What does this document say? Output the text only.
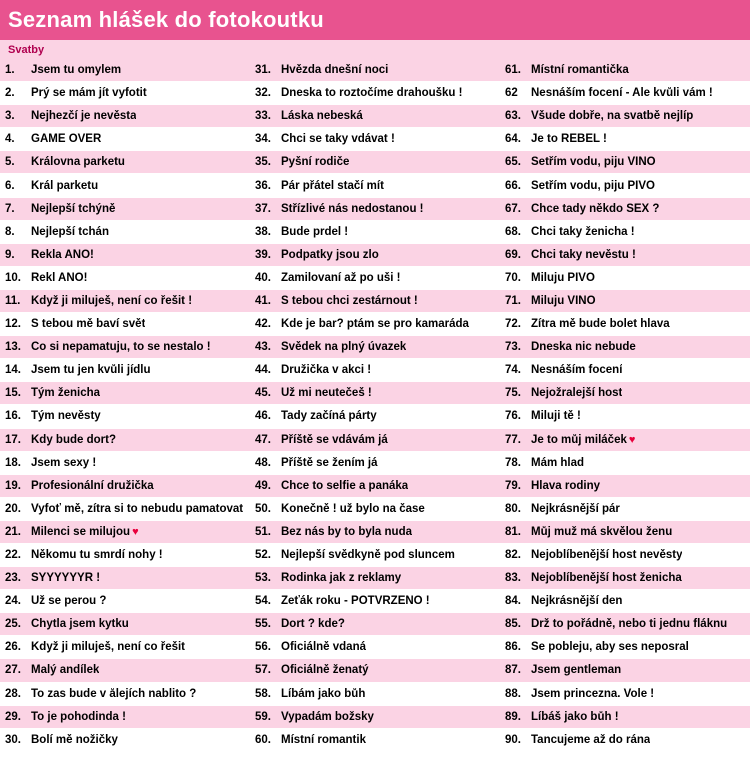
Seznam hlášek do fotokoutku
Svatby
1.	Jsem tu omylem
2.	Prý se mám jít vyfotit
3.	Nejhezčí je nevěsta
4.	GAME OVER
5.	Královna parketu
6.	Král parketu
7.	Nejlepší tchýně
8.	Nejlepší tchán
9.	Řekla ANO!
10. Řekl ANO!
11. Když ji miluješ, není co řešit !
12. S tebou mě baví svět
13. Co si nepamatuju, to se nestalo !
14. Jsem tu jen kvůli jídlu
15. Tým ženicha
16. Tým nevěsty
17. Kdy bude dort?
18. Jsem sexy !
19. Profesionální družička
20. Vyfoť mě, zítra si to nebudu pamatovat
21. Milenci se milujou ♥
22. Někomu tu smrdí nohy !
23. SÝÝÝÝÝÝR !
24. Už se perou ?
25. Chytla jsem kytku
26. Když ji miluješ, není co řešit
27. Malý andílek
28. To zas bude v ålejích nablito ?
29. To je pohodinda !
30. Bolí mě nožičky
31. Hvězda dnešní noci
32. Dneska to roztočíme drahoušku !
33. Láska nebeská
34. Chci se taky vdávat !
35. Pyšní rodiče
36. Pár přátel stačí mít
37. Střízlivé nás nedostanou !
38. Bude prdel !
39. Podpatky jsou zlo
40. Zamilovaní až po uši !
41. S tebou chci zestárnout !
42. Kde je bar? ptám se pro kamaráda
43. Svědek na plný úvazek
44. Družička v akci !
45. Už mi neutečeš !
46. Tady začíná párty
47. Příště se vdávám já
48. Příště se žením já
49. Chce to selfie a panáka
50. Konečně ! už bylo na čase
51. Bez nás by to byla nuda
52. Nejlepší svědkyně pod sluncem
53. Rodinka jak z reklamy
54. Zeťák roku - POTVRZENO !
55. Dort ? kde?
56. Oficiálně vdaná
57. Oficiálně ženatý
58. Líbám jako bůh
59. Vypadám božsky
60. Místní romantik
61. Místní romantička
62	Nesnáším focení - Ale kvůli vám !
63. Všude dobře, na svatbě nejlíp
64. Je to REBEL !
65. Šetřím vodu, piju VÍNO
66. Šetřím vodu, piju PIVO
67. Chce tady někdo SEX ?
68. Chci taky ženicha !
69. Chci taky nevěstu !
70. Miluju PIVO
71. Miluju VÍNO
72. Zítra mě bude bolet hlava
73. Dneska nic nebude
74. Nesnáším focení
75. Nejožralejší host
76. Miluji tě !
77. Je to můj miláček ♥
78. Mám hlad
79. Hlava rodiny
80. Nejkrásnější pár
81. Můj muž má skvělou ženu
82. Nejoblíbenější host nevěsty
83. Nejoblíbenější host ženicha
84. Nejkrásnější den
85. Drž to pořádně, nebo ti jednu fláknu
86. Se pobleju, aby ses neposral
87. Jsem gentleman
88. Jsem princezna. Vole !
89. Líbáš jako bůh !
90. Tancujeme až do rána
